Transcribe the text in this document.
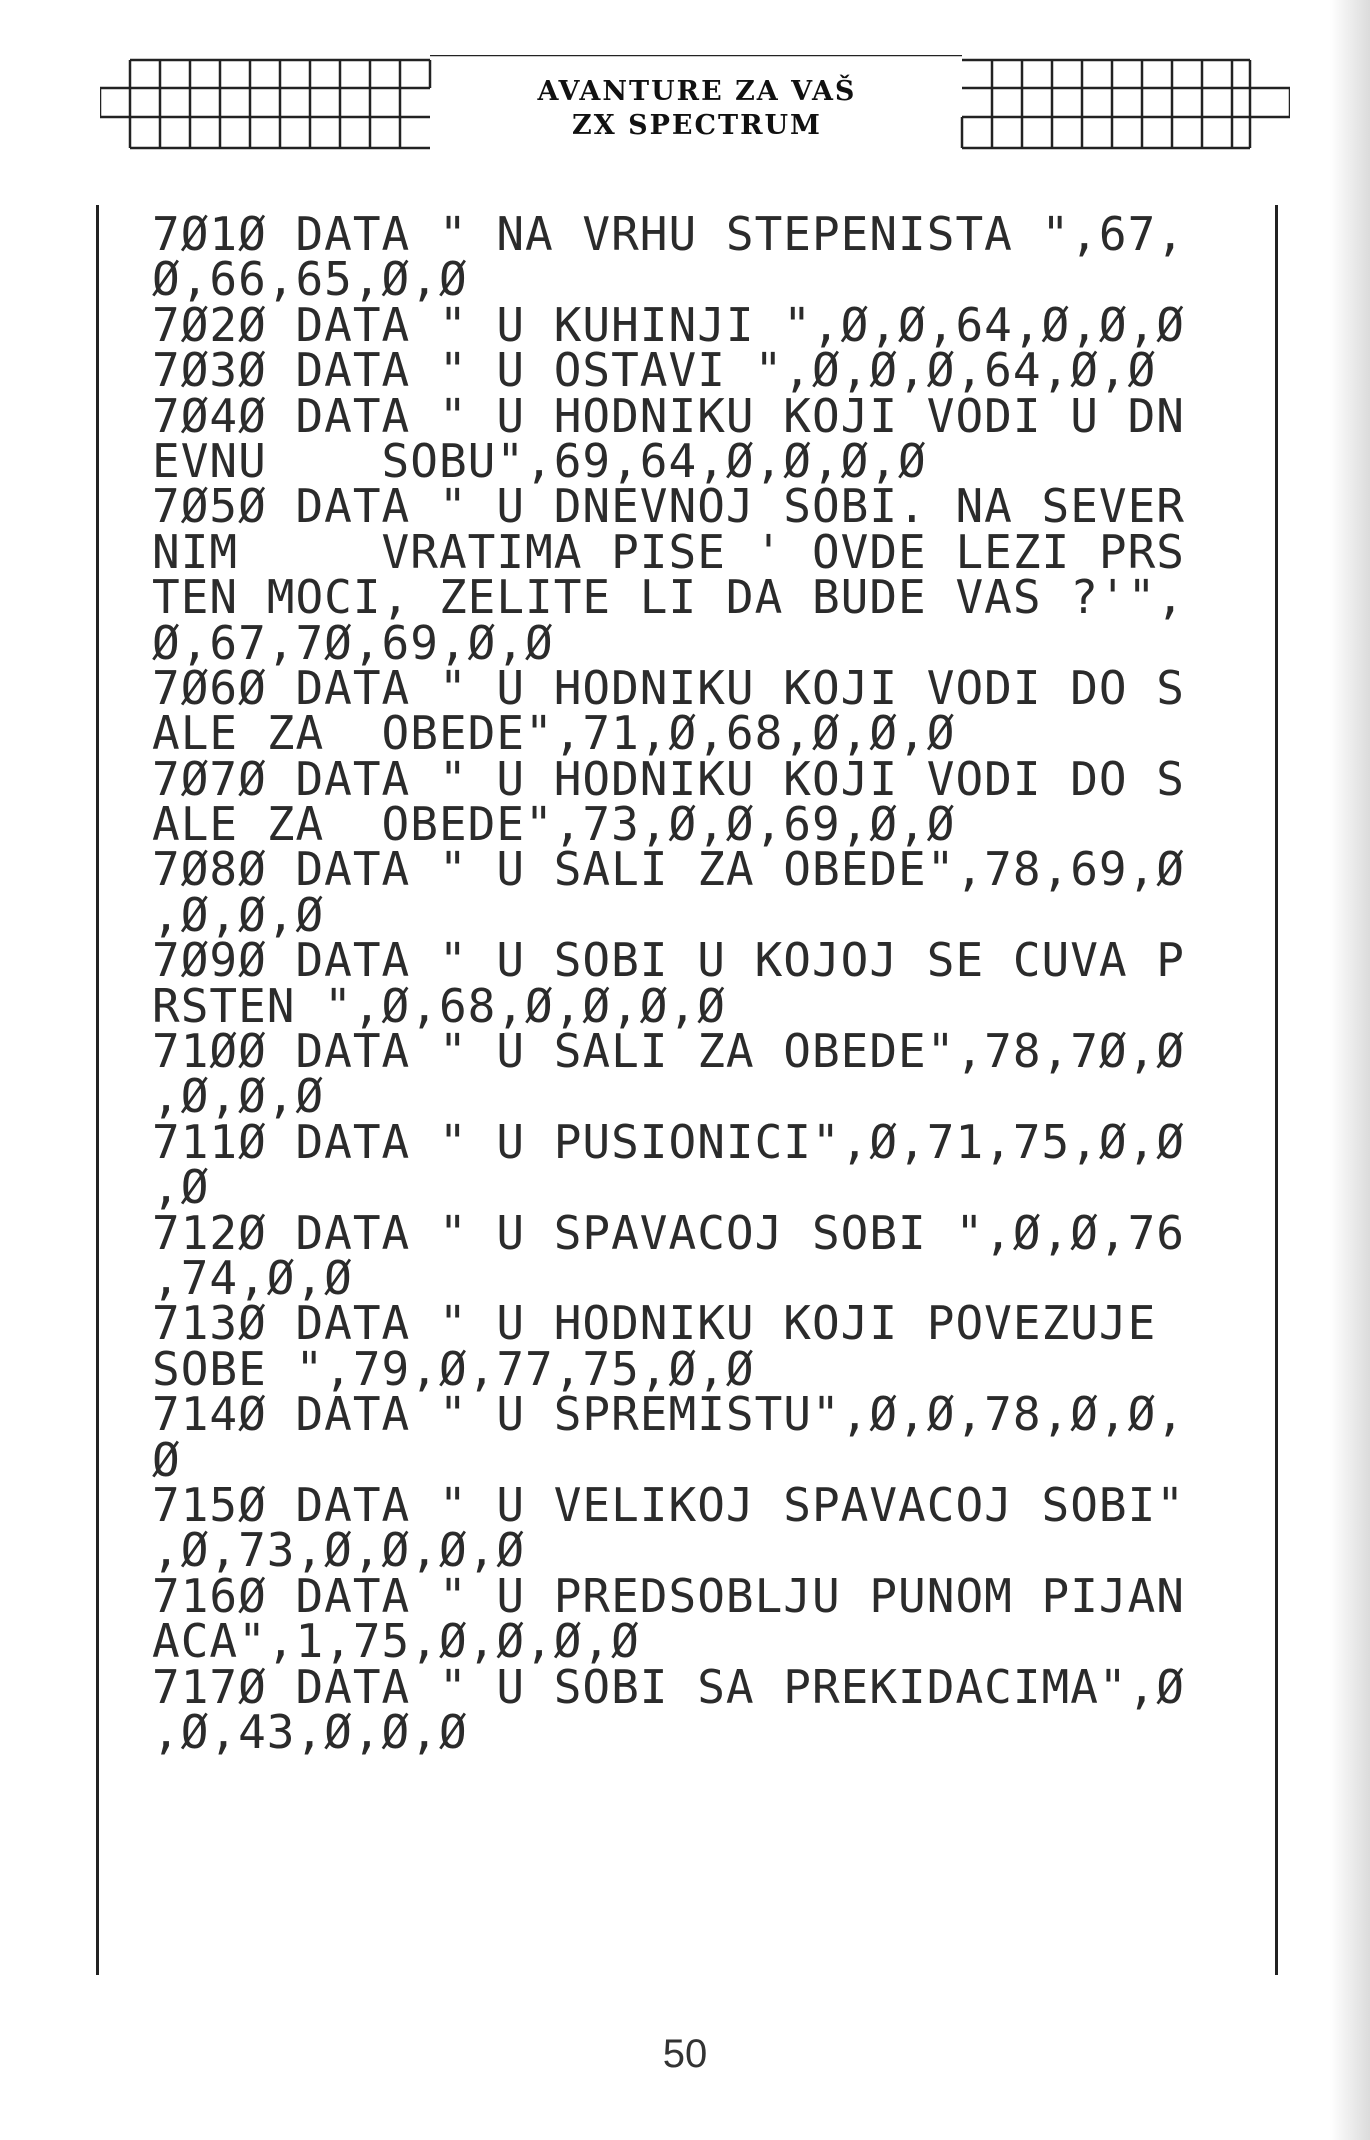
AVANTURE ZA VAŠ
ZX SPECTRUM
7Ø1Ø DATA " NA VRHU STEPENISTA ",67,
Ø,66,65,Ø,Ø
7Ø2Ø DATA " U KUHINJI ",Ø,Ø,64,Ø,Ø,Ø
7Ø3Ø DATA " U OSTAVI ",Ø,Ø,Ø,64,Ø,Ø
7Ø4Ø DATA " U HODNIKU KOJI VODI U DN
EVNU    SOBU",69,64,Ø,Ø,Ø,Ø
7Ø5Ø DATA " U DNEVNOJ SOBI. NA SEVER
NIM     VRATIMA PISE ' OVDE LEZI PRS
TEN MOCI, ZELITE LI DA BUDE VAS ?'",
Ø,67,7Ø,69,Ø,Ø
7Ø6Ø DATA " U HODNIKU KOJI VODI DO S
ALE ZA  OBEDE",71,Ø,68,Ø,Ø,Ø
7Ø7Ø DATA " U HODNIKU KOJI VODI DO S
ALE ZA  OBEDE",73,Ø,Ø,69,Ø,Ø
7Ø8Ø DATA " U SALI ZA OBEDE",78,69,Ø
,Ø,Ø,Ø
7Ø9Ø DATA " U SOBI U KOJOJ SE CUVA P
RSTEN ",Ø,68,Ø,Ø,Ø,Ø
71ØØ DATA " U SALI ZA OBEDE",78,7Ø,Ø
,Ø,Ø,Ø
711Ø DATA " U PUSIONICI",Ø,71,75,Ø,Ø
,Ø
712Ø DATA " U SPAVACOJ SOBI ",Ø,Ø,76
,74,Ø,Ø
713Ø DATA " U HODNIKU KOJI POVEZUJE
SOBE ",79,Ø,77,75,Ø,Ø
714Ø DATA " U SPREMISTU",Ø,Ø,78,Ø,Ø,
Ø
715Ø DATA " U VELIKOJ SPAVACOJ SOBI"
,Ø,73,Ø,Ø,Ø,Ø
716Ø DATA " U PREDSOBLJU PUNOM PIJAN
ACA",1,75,Ø,Ø,Ø,Ø
717Ø DATA " U SOBI SA PREKIDACIMA",Ø
,Ø,43,Ø,Ø,Ø
50
